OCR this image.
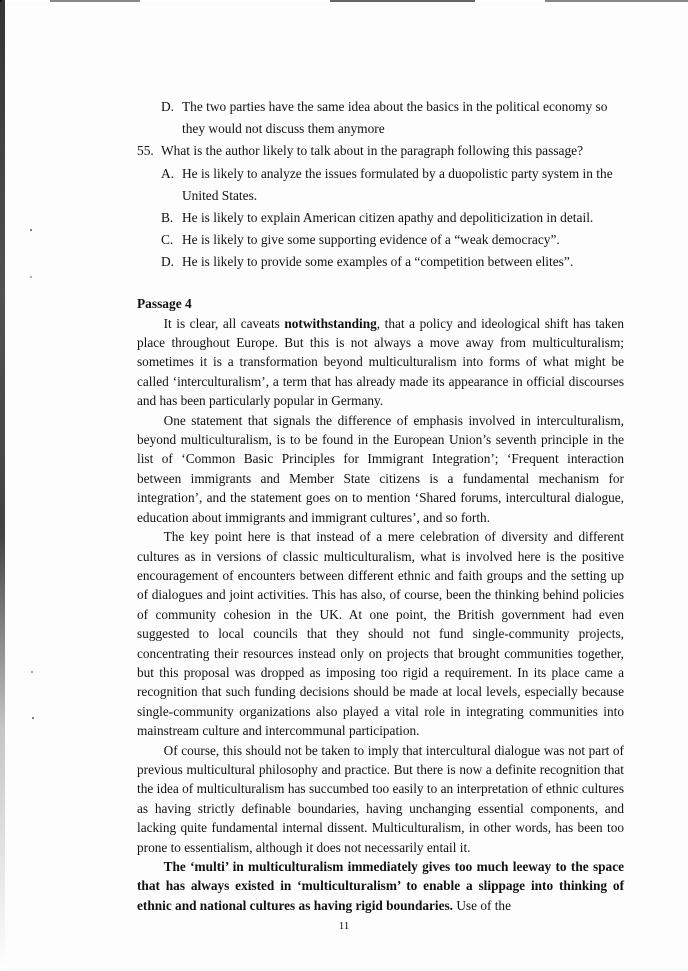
D. The two parties have the same idea about the basics in the political economy so they would not discuss them anymore
55. What is the author likely to talk about in the paragraph following this passage?
A. He is likely to analyze the issues formulated by a duopolistic party system in the United States.
B. He is likely to explain American citizen apathy and depoliticization in detail.
C. He is likely to give some supporting evidence of a “weak democracy”.
D. He is likely to provide some examples of a “competition between elites”.
Passage 4

It is clear, all caveats notwithstanding, that a policy and ideological shift has taken place throughout Europe. But this is not always a move away from multiculturalism; sometimes it is a transformation beyond multiculturalism into forms of what might be called ‘interculturalism’, a term that has already made its appearance in official discourses and has been particularly popular in Germany.

One statement that signals the difference of emphasis involved in interculturalism, beyond multiculturalism, is to be found in the European Union’s seventh principle in the list of ‘Common Basic Principles for Immigrant Integration’; ‘Frequent interaction between immigrants and Member State citizens is a fundamental mechanism for integration’, and the statement goes on to mention ‘Shared forums, intercultural dialogue, education about immigrants and immigrant cultures’, and so forth.

The key point here is that instead of a mere celebration of diversity and different cultures as in versions of classic multiculturalism, what is involved here is the positive encouragement of encounters between different ethnic and faith groups and the setting up of dialogues and joint activities. This has also, of course, been the thinking behind policies of community cohesion in the UK. At one point, the British government had even suggested to local councils that they should not fund single-community projects, concentrating their resources instead only on projects that brought communities together, but this proposal was dropped as imposing too rigid a requirement. In its place came a recognition that such funding decisions should be made at local levels, especially because single-community organizations also played a vital role in integrating communities into mainstream culture and intercommunal participation.

Of course, this should not be taken to imply that intercultural dialogue was not part of previous multicultural philosophy and practice. But there is now a definite recognition that the idea of multiculturalism has succumbed too easily to an interpretation of ethnic cultures as having strictly definable boundaries, having unchanging essential components, and lacking quite fundamental internal dissent. Multiculturalism, in other words, has been too prone to essentialism, although it does not necessarily entail it.

The ‘multi’ in multiculturalism immediately gives too much leeway to the space that has always existed in ‘multiculturalism’ to enable a slippage into thinking of ethnic and national cultures as having rigid boundaries. Use of the

11
